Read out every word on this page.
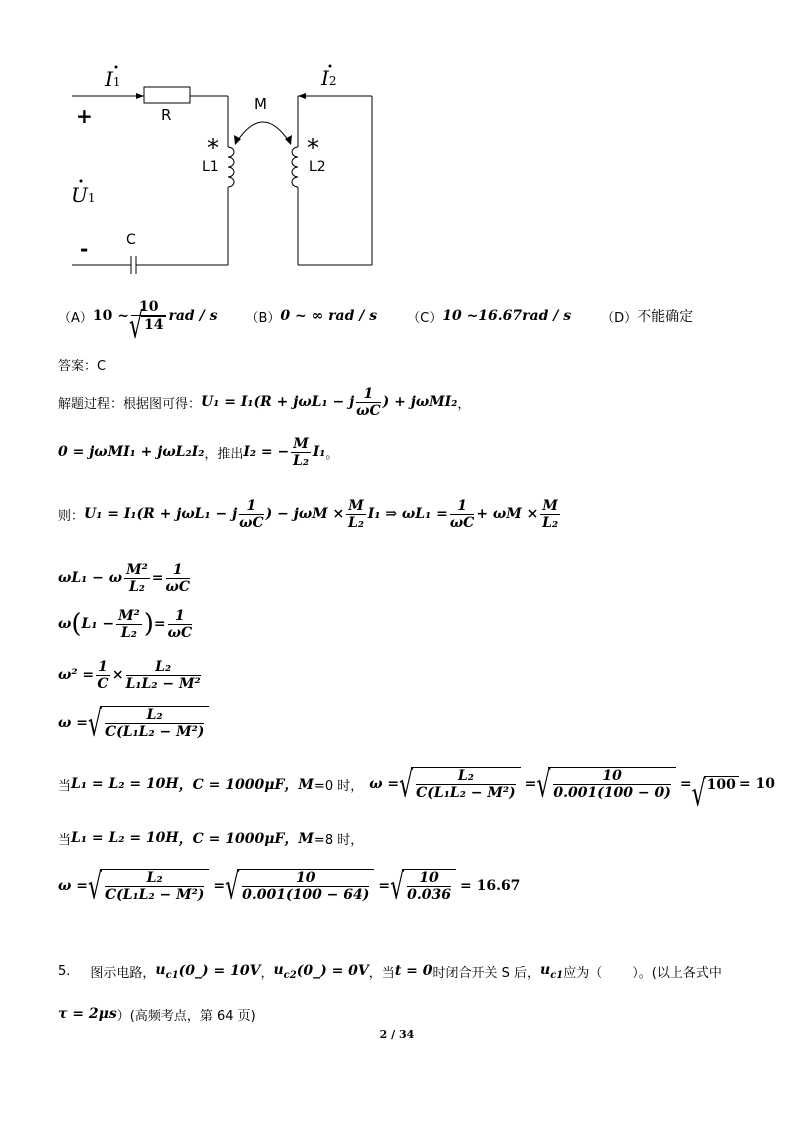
I1	I2
R
M
*
L1
*
L2
+
U1
-	C
（A） 10 ~ 10
√ 14 rad / s （B） 0 ~ ∞ rad / s （C） 10 ~16.67rad / s （D） 不能确定
答案：C
解题过程：根据图可得： U₁ = I₁(R + jωL₁ − j $\frac{1}{\omega C}$ ) + jωMI₂ ，
0 = jωMI₁ + jωL₂I₂ ，推出 I₂ = − $\frac{M}{\text{L₂}} I_1$ 。
则： U₁ = I₁(R + jωL₁ − j $\frac{1}{\omega C}$ ) − $j\omega M \times \frac{M}{\text{L₂}} I_1$ ⇒ $\omega L_1 = \frac{1}{\omega C} + \omega M \times \frac{M}{\text{L₂}}$
ωL₁ − ω $\frac{\text{M²}}{\text{L₂}} = \frac{1}{\omega C}$
ω ( $L_1 - \frac{\text{M²}}{\text{L₂}}$ ) = $\frac{1}{\omega C}$
$\omega^2 = \frac{1}{C} \times \frac{\text{L₂}}{\text{L₁L₂ − M²}}$
ω = √ $\frac{\text{L₂}}{\text{C(L₁L₂ − M²)}}$
当 L₁ = L₂ = 10H ，C = 1000μF ，M =0 时， ω = √ $\frac{\text{L₂}}{\text{C(L₁L₂ − M²)}}$ = √ $\frac{10}{0.001(100 - 0)}$ = √ 100 = 10
当 L₁ = L₂ = 10H ，C = 1000μF ，M =8 时，
ω = √ $\frac{\text{L₂}}{\text{C(L₁L₂ − M²)}}$ = √ $\frac{10}{0.001(100 - 64)}$ = √ $\frac{10}{0.036} = 16.67$
5. 图示电路， $u_{c1}$ (0_) = 10V ， $u_{c2}$ (0_) = 0V ，当 t = 0 时闭合开关 S 后， $u_{c1}$ 应为（ ）。(以上各式中
τ = 2μs ）(高频考点，第 64 页)
2 / 34
